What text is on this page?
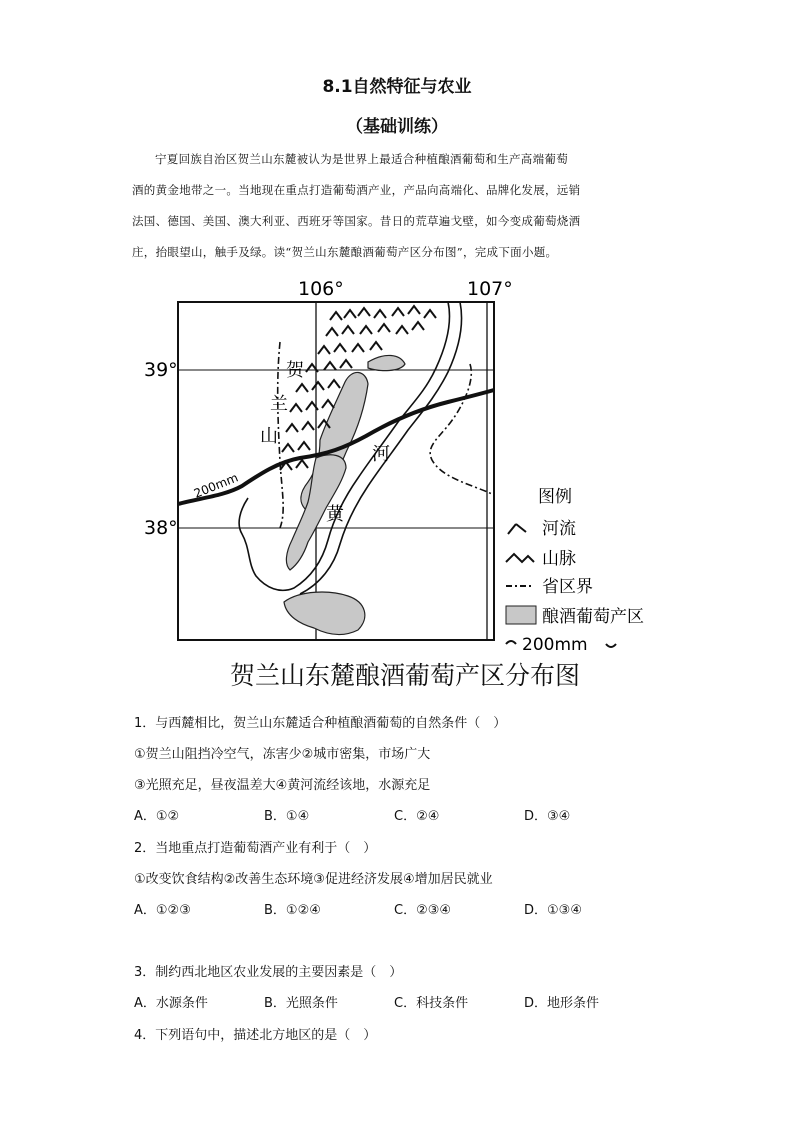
8.1自然特征与农业
（基础训练）
宁夏回族自治区贺兰山东麓被认为是世界上最适合种植酿酒葡萄和生产高端葡萄
酒的黄金地带之一。当地现在重点打造葡萄酒产业，产品向高端化、品牌化发展，远销
法国、德国、美国、澳大利亚、西班牙等国家。昔日的荒草遍戈壁，如今变成葡萄烧酒
庄，抬眼望山，触手及绿。读“贺兰山东麓酿酒葡萄产区分布图”，完成下面小题。
106°	107°
39°
38°
200mm
贺
兰
山
河
黄
图例
河流
山脉
省区界
酿酒葡萄产区
200mm
贺兰山东麓酿酒葡萄产区分布图
1．与西麓相比，贺兰山东麓适合种植酿酒葡萄的自然条件（　）
①贺兰山阻挡冷空气，冻害少②城市密集，市场广大
③光照充足，昼夜温差大④黄河流经该地，水源充足
A．①②	B．①④	C．②④	D．③④
2．当地重点打造葡萄酒产业有利于（　）
①改变饮食结构②改善生态环境③促进经济发展④增加居民就业
A．①②③	B．①②④	C．②③④	D．①③④
3．制约西北地区农业发展的主要因素是（　）
A．水源条件	B．光照条件	C．科技条件	D．地形条件
4．下列语句中，描述北方地区的是（　）
